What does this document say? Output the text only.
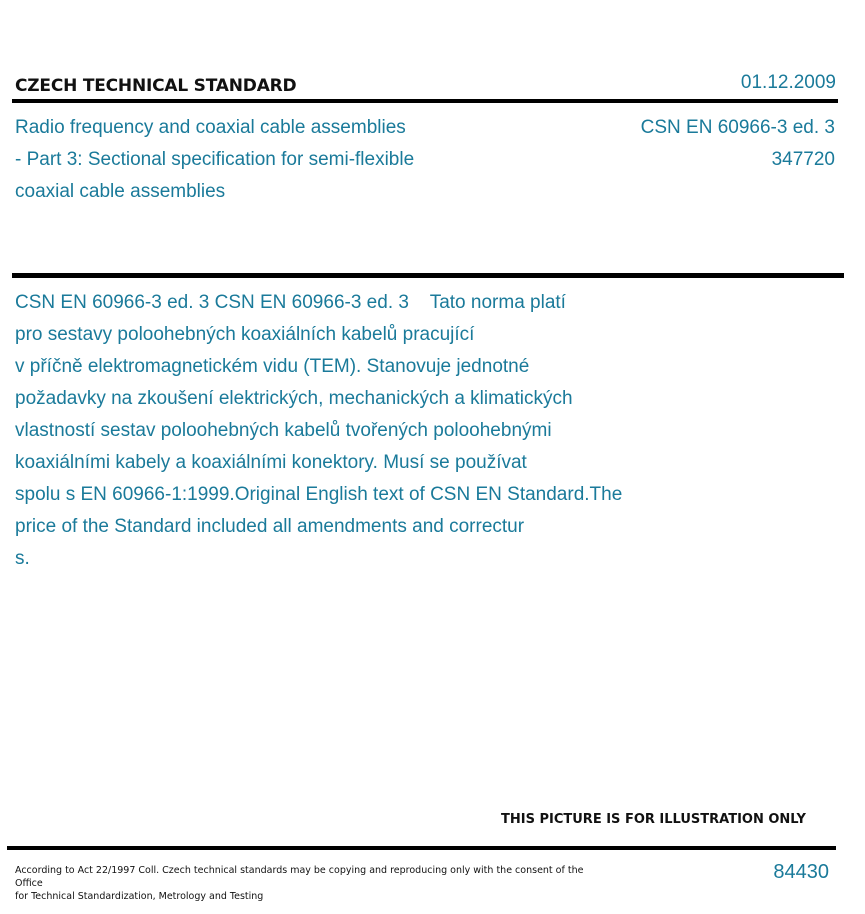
CZECH TECHNICAL STANDARD	01.12.2009
Radio frequency and coaxial cable assemblies
- Part 3: Sectional specification for semi-flexible
coaxial cable assemblies
CSN EN 60966-3 ed. 3
347720
CSN EN 60966-3 ed. 3 CSN EN 60966-3 ed. 3    Tato norma platí
pro sestavy poloohebných koaxiálních kabelů pracující
v příčně elektromagnetickém vidu (TEM). Stanovuje jednotné
požadavky na zkoušení elektrických, mechanických a klimatických
vlastností sestav poloohebných kabelů tvořených poloohebnými
koaxiálními kabely a koaxiálními konektory. Musí se používat
spolu s EN 60966-1:1999.Original English text of CSN EN Standard.The
price of the Standard included all amendments and correctur
s.
THIS PICTURE IS FOR ILLUSTRATION ONLY
According to Act 22/1997 Coll. Czech technical standards may be copying and reproducing only with the consent of the Office
for Technical Standardization, Metrology and Testing
84430
